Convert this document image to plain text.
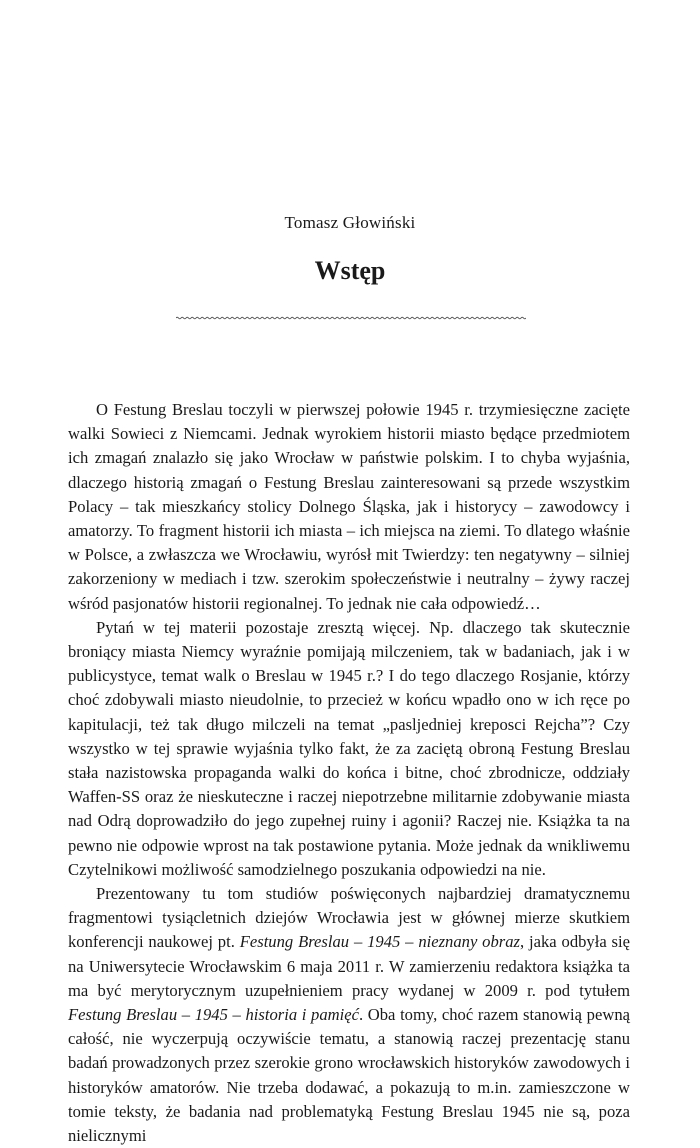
Tomasz Głowiński
Wstęp

O Festung Breslau toczyli w pierwszej połowie 1945 r. trzymiesięczne zacięte walki Sowieci z Niemcami. Jednak wyrokiem historii miasto będące przedmiotem ich zmagań znalazło się jako Wrocław w państwie polskim. I to chyba wyjaśnia, dlaczego historią zmagań o Festung Breslau zainteresowani są przede wszystkim Polacy – tak mieszkańcy stolicy Dolnego Śląska, jak i historycy – zawodowcy i amatorzy. To fragment historii ich miasta – ich miejsca na ziemi. To dlatego właśnie w Polsce, a zwłaszcza we Wrocławiu, wyrósł mit Twierdzy: ten negatywny – silniej zakorzeniony w mediach i tzw. szerokim społeczeństwie i neutralny – żywy raczej wśród pasjonatów historii regionalnej. To jednak nie cała odpowiedź…

Pytań w tej materii pozostaje zresztą więcej. Np. dlaczego tak skutecznie broniący miasta Niemcy wyraźnie pomijają milczeniem, tak w badaniach, jak i w publicystyce, temat walk o Breslau w 1945 r.? I do tego dlaczego Rosjanie, którzy choć zdobywali miasto nieudolnie, to przecież w końcu wpadło ono w ich ręce po kapitulacji, też tak długo milczeli na temat „pasljedniej kreposci Rejcha”? Czy wszystko w tej sprawie wyjaśnia tylko fakt, że za zaciętą obroną Festung Breslau stała nazistowska propaganda walki do końca i bitne, choć zbrodnicze, oddziały Waffen-SS oraz że nieskuteczne i raczej niepotrzebne militarnie zdobywanie miasta nad Odrą doprowadziło do jego zupełnej ruiny i agonii? Raczej nie. Książka ta na pewno nie odpowie wprost na tak postawione pytania. Może jednak da wnikliwemu Czytelnikowi możliwość samodzielnego poszukania odpowiedzi na nie.

Prezentowany tu tom studiów poświęconych najbardziej dramatycznemu fragmentowi tysiącletnich dziejów Wrocławia jest w głównej mierze skutkiem konferencji naukowej pt. Festung Breslau – 1945 – nieznany obraz, jaka odbyła się na Uniwersytecie Wrocławskim 6 maja 2011 r. W zamierzeniu redaktora książka ta ma być merytorycznym uzupełnieniem pracy wydanej w 2009 r. pod tytułem Festung Breslau – 1945 – historia i pamięć. Oba tomy, choć razem stanowią pewną całość, nie wyczerpują oczywiście tematu, a stanowią raczej prezentację stanu badań prowadzonych przez szerokie grono wrocławskich historyków zawodowych i historyków amatorów. Nie trzeba dodawać, a pokazują to m.in. zamieszczone w tomie teksty, że badania nad problematyką Festung Breslau 1945 nie są, poza nielicznymi
